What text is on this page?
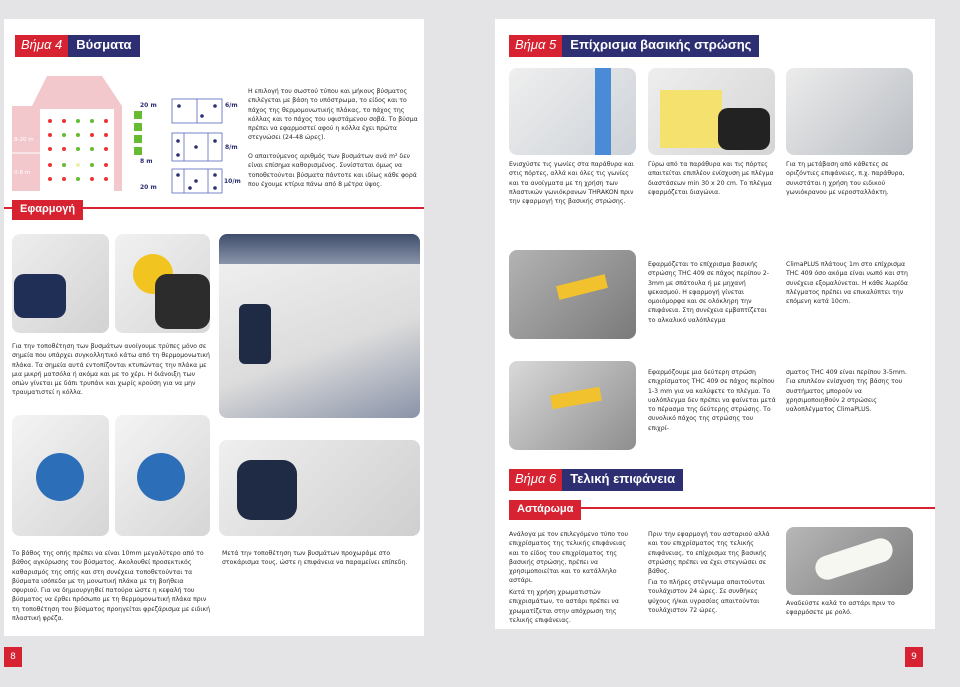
Βήμα 4	Βύσματα
8-20 m
0-8 m
20 m
8 m
20 m
6/m
8/m
10/m
Η επιλογή του σωστού τύπου και μήκους βύσματος επιλέγεται με βάση το υπόστρωμα, το είδος και το πάχος της θερμομονωτικής πλάκας, το πάχος της κόλλας και το πάχος του υφιστάμενου σοβά. Το βύσμα πρέπει να εφαρμοστεί αφού η κόλλα έχει πρώτα στεγνώσει (24-48 ώρες).
Ο απαιτούμενος αριθμός των βυσμάτων ανά m² δεν είναι επίσημα καθορισμένος. Συνίσταται όμως να τοποθετούνται βύσματα πάντοτε και ιδίως κάθε φορά που έχουμε κτίρια πάνω από 8 μέτρα ύψος.
Εφαρμογή
Για την τοποθέτηση των βυσμάτων ανοίγουμε τρύπες μόνο σε σημεία που υπάρχει συγκολλητικό κάτω από τη θερμομονωτική πλάκα. Τα σημεία αυτά εντοπίζονται κτυπώντας την πλάκα με μια μικρή ματσόλα ή ακόμα και με το χέρι. Η διάνοιξη των οπών γίνεται με δάπι τρυπάνι και χωρίς κρούση για να μην τραυματιστεί η κόλλα.
Το βάθος της οπής πρέπει να είναι 10mm μεγαλύτερο από το βάθος αγκύρωσης του βύσματος. Ακολουθεί προσεκτικός καθαρισμός της οπής και στη συνέχεια τοποθετούνται τα βύσματα ισόπεδα με τη μονωτική πλάκα με τη βοήθεια σφυριού. Για να δημιουργηθεί πατούρα ώστε η κεφαλή του βύσματος να έρθει πρόσωπο με τη θερμομονωτική πλάκα πριν τη τοποθέτηση του βύσματος προηγείται φρεζάρισμα με ειδική πλαστική φρέζα.
Μετά την τοποθέτηση των βυσμάτων προχωράμε στο στοκάρισμα τους, ώστε η επιφάνεια να παραμείνει επίπεδη.
8
Βήμα 5	Επίχρισμα βασικής στρώσης
Ενισχύστε τις γωνίες στα παράθυρα και στις πόρτες, αλλά και όλες τις γωνίες και τα ανοίγματα με τη χρήση των πλαστικών γωνιόκρανων THRAKON πριν την εφαρμογή της βασικής στρώσης.
Γύρω από τα παράθυρα και τις πόρτες απαιτείται επιπλέον ενίσχυση με πλέγμα διαστάσεων min 30 x 20 cm. Το πλέγμα εφαρμόζεται διαγώνια.
Για τη μετάβαση από κάθετες σε οριζόντιες επιφάνειες, π.χ. παράθυρα, συνιστάται η χρήση του ειδικού γωνιόκρανου με νεροσταλλάκτη.
Εφαρμόζεται το επίχρισμα βασικής στρώσης THC 409 σε πάχος περίπου 2-3mm με σπάτουλα ή με μηχανή ψεκασμού. Η εφαρμογή γίνεται ομοιόμορφα και σε ολόκληρη την επιφάνεια. Στη συνέχεια εμβαπτίζεται το αλκαλικό υαλόπλεγμα
ClimaPLUS πλάτους 1m στο επίχρισμα THC 409 όσο ακόμα είναι νωπό και στη συνέχεια εξομαλύνεται. Η κάθε λωρίδα πλέγματος πρέπει να επικαλύπτει την επόμενη κατά 10cm.
Εφαρμόζουμε μια δεύτερη στρώση επιχρίσματος THC 409 σε πάχος περίπου 1-3 mm για να καλύψετε το πλέγμα. Το υαλόπλεγμα δεν πρέπει να φαίνεται μετά το πέρασμα της δεύτερης στρώσης. Το συνολικό πάχος της στρώσης του επιχρί-
σματος THC 409 είναι περίπου 3-5mm. Για επιπλέον ενίσχυση της βάσης του συστήματος μπορούν να χρησιμοποιηθούν 2 στρώσεις υαλοπλέγματος ClimaPLUS.
Βήμα 6	Τελική επιφάνεια
Αστάρωμα
Ανάλογα με τον επιλεγόμενο τύπο του επιχρίσματος της τελικής επιφάνειας και το είδος του επιχρίσματος της βασικής στρώσης, πρέπει να χρησιμοποιείται και το κατάλληλο αστάρι.
Κατά τη χρήση χρωματιστών επιχρισμάτων, το αστάρι πρέπει να χρωματίζεται στην απόχρωση της τελικής επιφάνειας.
Πριν την εφαρμογή του ασταριού αλλά και του επιχρίσματος της τελικής επιφάνειας, το επίχρισμα της βασικής στρώσης πρέπει να έχει στεγνώσει σε βάθος.
Για το πλήρες στέγνωμα απαιτούνται τουλάχιστον 24 ώρες. Σε συνθήκες ψύχους ή/και υγρασίας απαιτούνται τουλάχιστον 72 ώρες.
Αναδεύστε καλά το αστάρι πριν το εφαρμόσετε με ρολό.
9
